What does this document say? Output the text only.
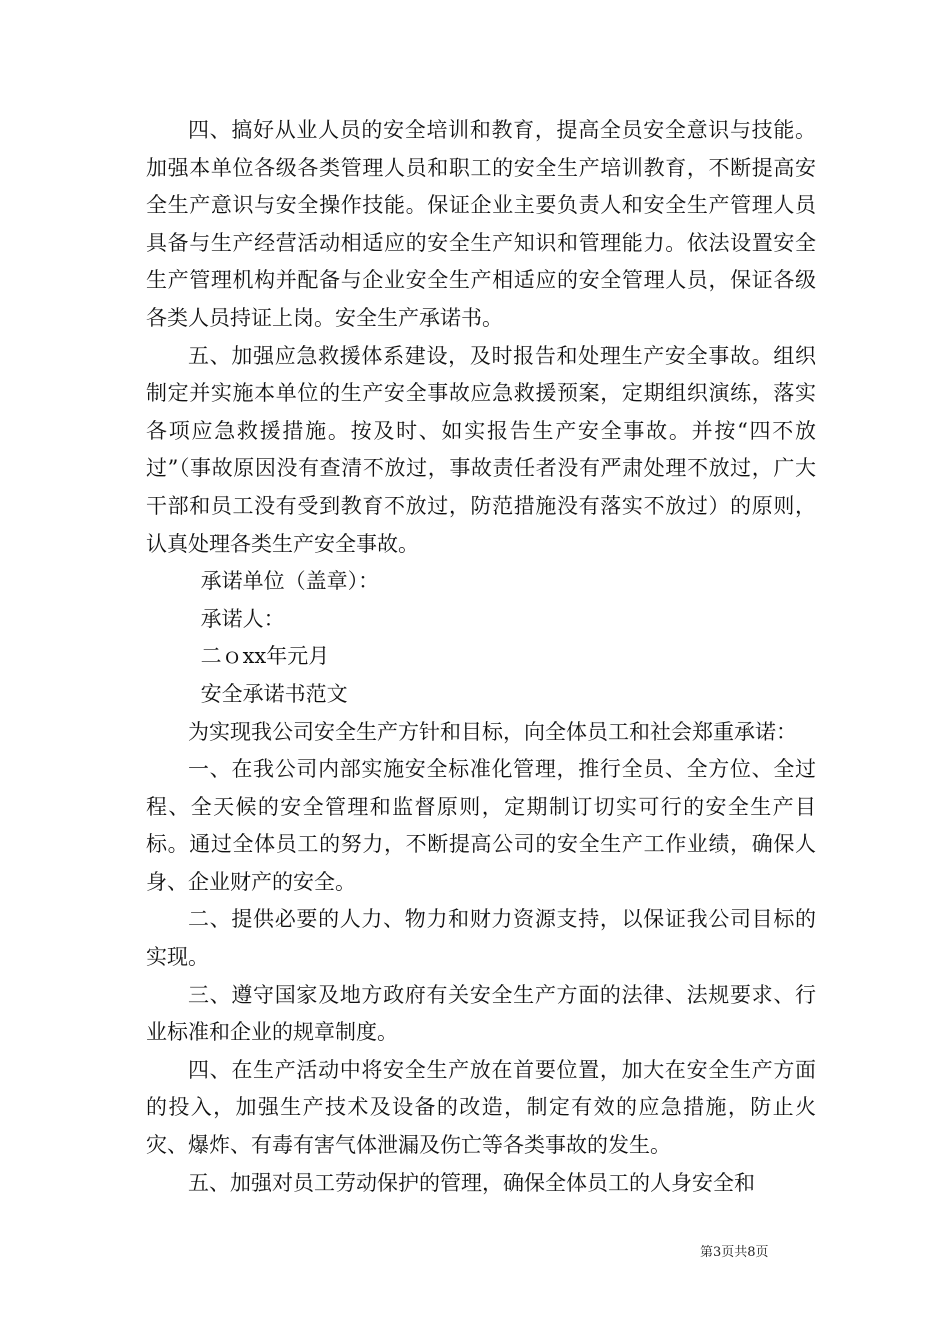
四、搞好从业人员的安全培训和教育，提高全员安全意识与技能。加强本单位各级各类管理人员和职工的安全生产培训教育，不断提高安全生产意识与安全操作技能。保证企业主要负责人和安全生产管理人员具备与生产经营活动相适应的安全生产知识和管理能力。依法设置安全生产管理机构并配备与企业安全生产相适应的安全管理人员，保证各级各类人员持证上岗。安全生产承诺书。

五、加强应急救援体系建设，及时报告和处理生产安全事故。组织制定并实施本单位的生产安全事故应急救援预案，定期组织演练，落实各项应急救援措施。按及时、如实报告生产安全事故。并按“四不放过”（事故原因没有查清不放过，事故责任者没有严肃处理不放过，广大干部和员工没有受到教育不放过，防范措施没有落实不放过）的原则，认真处理各类生产安全事故。

承诺单位（盖章）：

承诺人：

二ｏxx年元月

安全承诺书范文

为实现我公司安全生产方针和目标，向全体员工和社会郑重承诺：

一、在我公司内部实施安全标准化管理，推行全员、全方位、全过程、全天候的安全管理和监督原则，定期制订切实可行的安全生产目标。通过全体员工的努力，不断提高公司的安全生产工作业绩，确保人身、企业财产的安全。

二、提供必要的人力、物力和财力资源支持，以保证我公司目标的实现。

三、遵守国家及地方政府有关安全生产方面的法律、法规要求、行业标准和企业的规章制度。

四、在生产活动中将安全生产放在首要位置，加大在安全生产方面的投入，加强生产技术及设备的改造，制定有效的应急措施，防止火灾、爆炸、有毒有害气体泄漏及伤亡等各类事故的发生。

五、加强对员工劳动保护的管理，确保全体员工的人身安全和

第3页共8页
